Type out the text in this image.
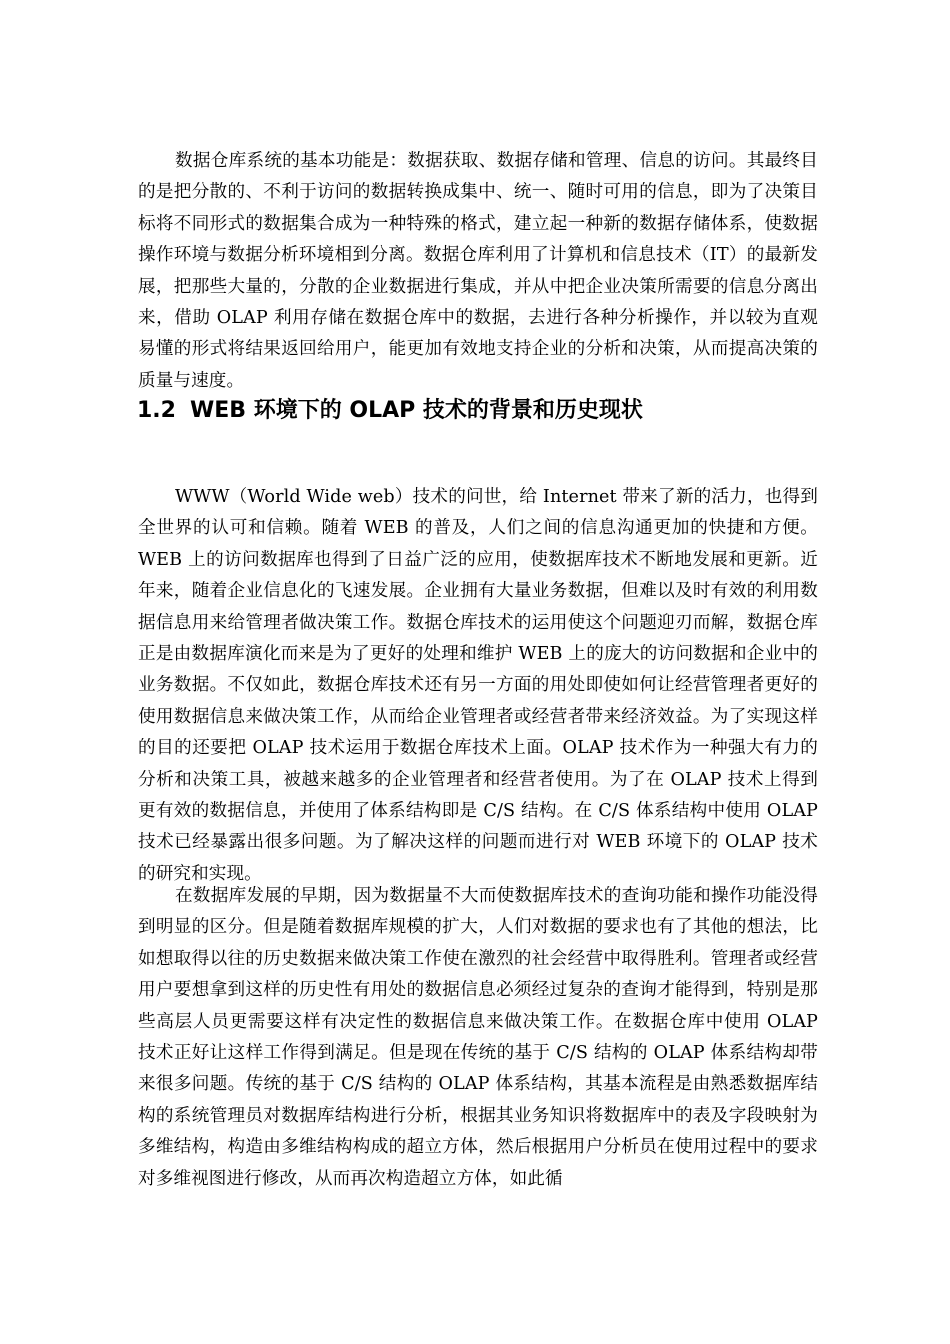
数据仓库系统的基本功能是：数据获取、数据存储和管理、信息的访问。其最终目的是把分散的、不利于访问的数据转换成集中、统一、随时可用的信息，即为了决策目标将不同形式的数据集合成为一种特殊的格式，建立起一种新的数据存储体系，使数据操作环境与数据分析环境相到分离。数据仓库利用了计算机和信息技术（IT）的最新发展，把那些大量的，分散的企业数据进行集成，并从中把企业决策所需要的信息分离出来，借助 OLAP 利用存储在数据仓库中的数据，去进行各种分析操作，并以较为直观易懂的形式将结果返回给用户，能更加有效地支持企业的分析和决策，从而提高决策的质量与速度。

1.2 WEB 环境下的 OLAP 技术的背景和历史现状

WWW（World Wide web）技术的问世，给 Internet 带来了新的活力，也得到全世界的认可和信赖。随着 WEB 的普及，人们之间的信息沟通更加的快捷和方便。WEB 上的访问数据库也得到了日益广泛的应用，使数据库技术不断地发展和更新。近年来，随着企业信息化的飞速发展。企业拥有大量业务数据，但难以及时有效的利用数据信息用来给管理者做决策工作。数据仓库技术的运用使这个问题迎刃而解，数据仓库正是由数据库演化而来是为了更好的处理和维护 WEB 上的庞大的访问数据和企业中的业务数据。不仅如此，数据仓库技术还有另一方面的用处即使如何让经营管理者更好的使用数据信息来做决策工作，从而给企业管理者或经营者带来经济效益。为了实现这样的目的还要把 OLAP 技术运用于数据仓库技术上面。OLAP 技术作为一种强大有力的分析和决策工具，被越来越多的企业管理者和经营者使用。为了在 OLAP 技术上得到更有效的数据信息，并使用了体系结构即是 C/S 结构。在 C/S 体系结构中使用 OLAP 技术已经暴露出很多问题。为了解决这样的问题而进行对 WEB 环境下的 OLAP 技术的研究和实现。

在数据库发展的早期，因为数据量不大而使数据库技术的查询功能和操作功能没得到明显的区分。但是随着数据库规模的扩大，人们对数据的要求也有了其他的想法，比如想取得以往的历史数据来做决策工作使在激烈的社会经营中取得胜利。管理者或经营用户要想拿到这样的历史性有用处的数据信息必须经过复杂的查询才能得到，特别是那些高层人员更需要这样有决定性的数据信息来做决策工作。在数据仓库中使用 OLAP 技术正好让这样工作得到满足。但是现在传统的基于 C/S 结构的 OLAP 体系结构却带来很多问题。传统的基于 C/S 结构的 OLAP 体系结构，其基本流程是由熟悉数据库结构的系统管理员对数据库结构进行分析，根据其业务知识将数据库中的表及字段映射为多维结构，构造由多维结构构成的超立方体，然后根据用户分析员在使用过程中的要求对多维视图进行修改，从而再次构造超立方体，如此循
